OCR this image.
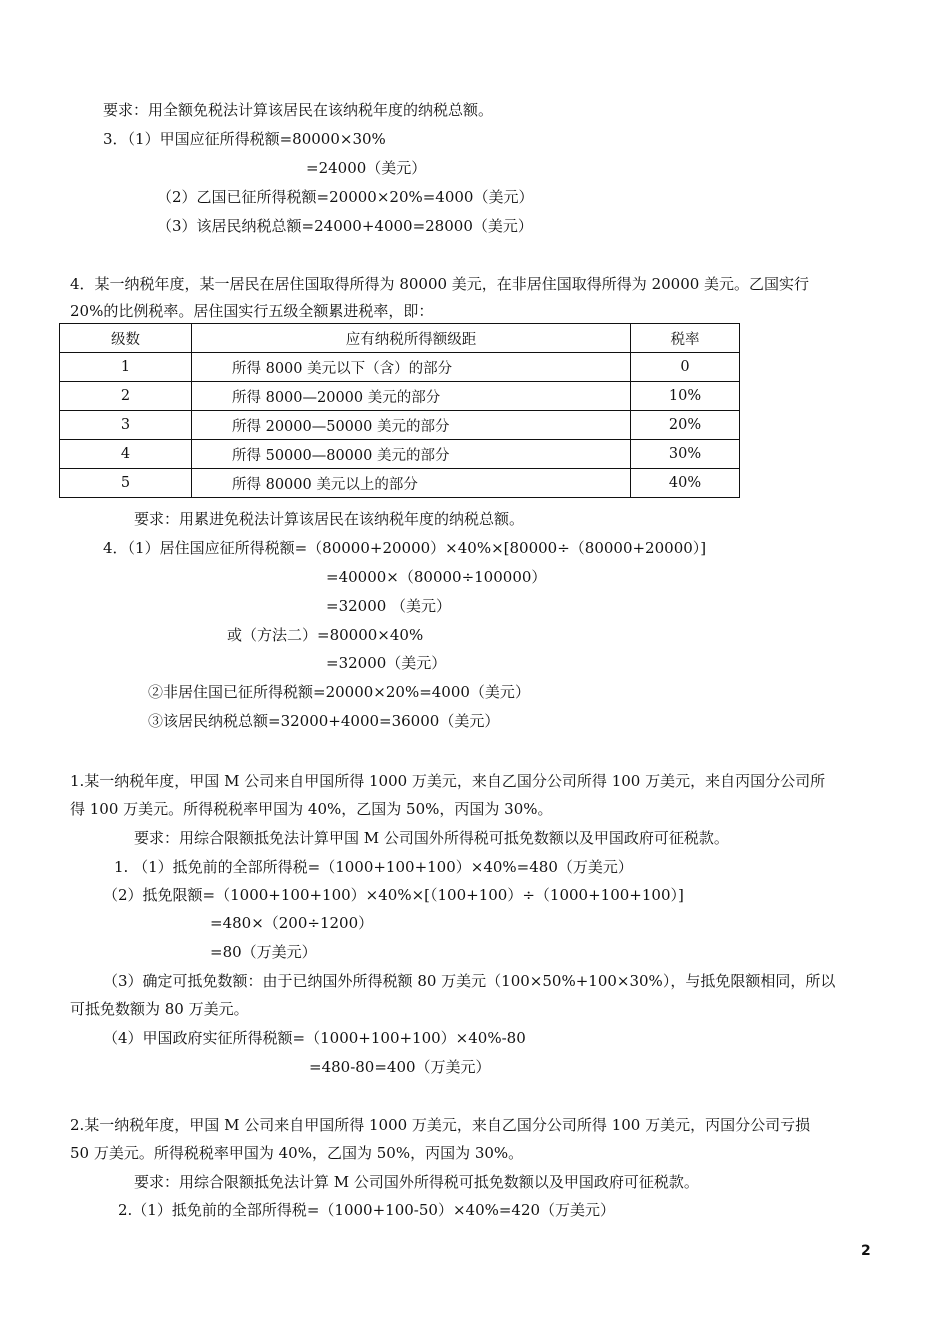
要求：用全额免税法计算该居民在该纳税年度的纳税总额。
3．（1）甲国应征所得税额=80000×30%
=24000（美元）
（2）乙国已征所得税额=20000×20%=4000（美元）
（3）该居民纳税总额=24000+4000=28000（美元）
4．某一纳税年度，某一居民在居住国取得所得为 80000 美元，在非居住国取得所得为 20000 美元。乙国实行
20%的比例税率。居住国实行五级全额累进税率，即：
级数	应有纳税所得额级距	税率
1	所得 8000 美元以下（含）的部分	0
2	所得 8000—20000 美元的部分	10%
3	所得 20000—50000 美元的部分	20%
4	所得 50000—80000 美元的部分	30%
5	所得 80000 美元以上的部分	40%
要求：用累进免税法计算该居民在该纳税年度的纳税总额。
4．（1）居住国应征所得税额=（80000+20000）×40%×[80000÷（80000+20000）]
=40000×（80000÷100000）
=32000 （美元）
或（方法二）=80000×40%
=32000（美元）
②非居住国已征所得税额=20000×20%=4000（美元）
③该居民纳税总额=32000+4000=36000（美元）
1.某一纳税年度，甲国 M 公司来自甲国所得 1000 万美元，来自乙国分公司所得 100 万美元，来自丙国分公司所
得 100 万美元。所得税税率甲国为 40%，乙国为 50%，丙国为 30%。
要求：用综合限额抵免法计算甲国 M 公司国外所得税可抵免数额以及甲国政府可征税款。
1. （1）抵免前的全部所得税=（1000+100+100）×40%=480（万美元）
（2）抵免限额=（1000+100+100）×40%×[（100+100）÷（1000+100+100）]
=480×（200÷1200）
=80（万美元）
（3）确定可抵免数额：由于已纳国外所得税额 80 万美元（100×50%+100×30%），与抵免限额相同，所以
可抵免数额为 80 万美元。
（4）甲国政府实征所得税额=（1000+100+100）×40%-80
=480-80=400（万美元）
2.某一纳税年度，甲国 M 公司来自甲国所得 1000 万美元，来自乙国分公司所得 100 万美元，丙国分公司亏损
50 万美元。所得税税率甲国为 40%，乙国为 50%，丙国为 30%。
要求：用综合限额抵免法计算 M 公司国外所得税可抵免数额以及甲国政府可征税款。
2.（1）抵免前的全部所得税=（1000+100-50）×40%=420（万美元）
2
